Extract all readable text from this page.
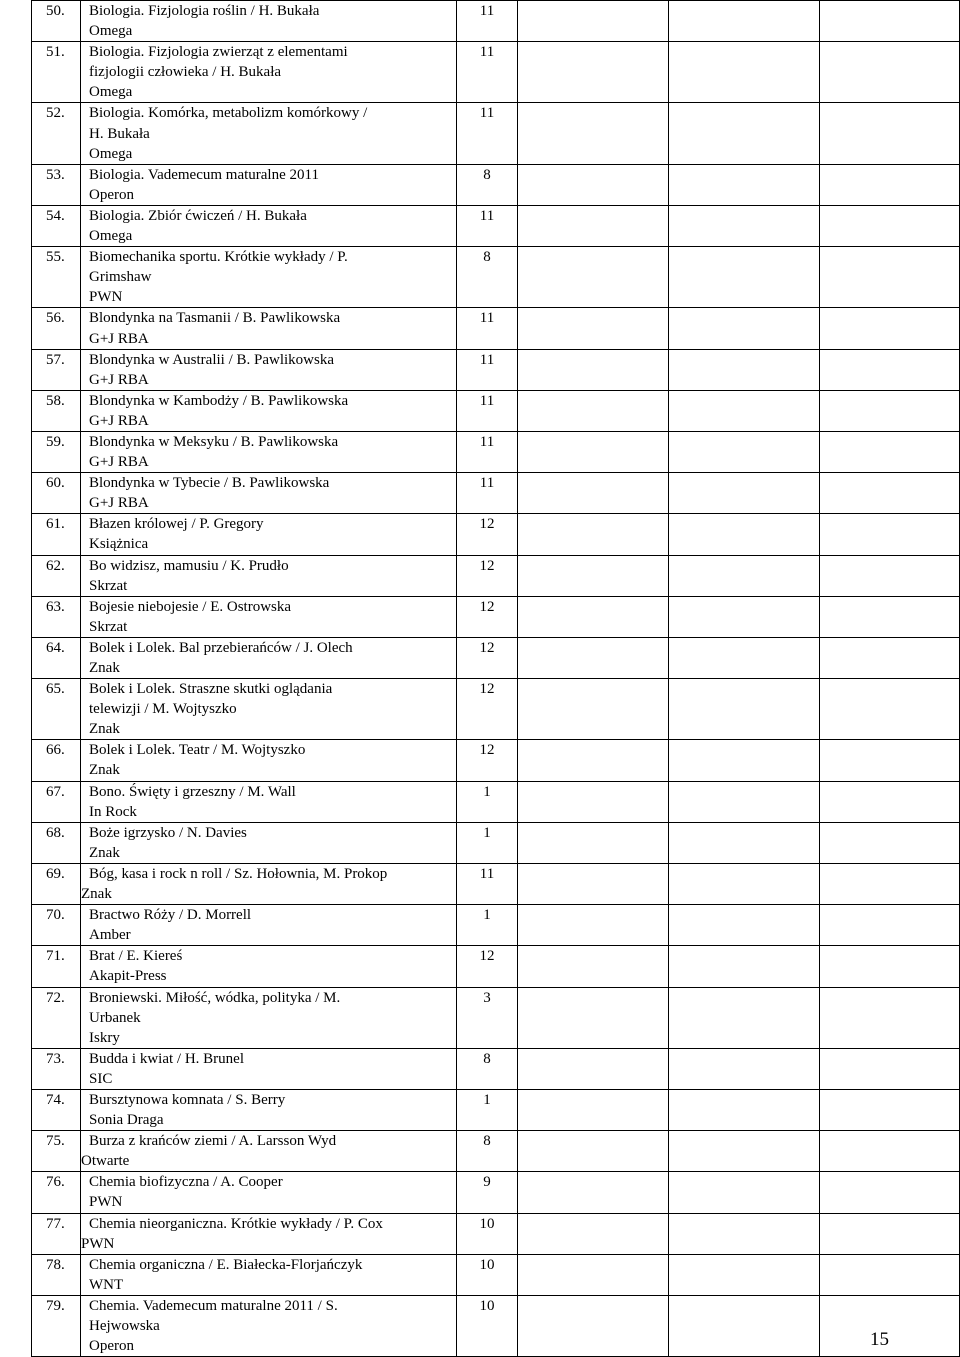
50.	Biologia. Fizjologia roślin / H. Bukała
Omega	11			
51.	Biologia. Fizjologia zwierząt z elementami
fizjologii człowieka / H. Bukała
Omega	11			
52.	Biologia. Komórka, metabolizm komórkowy /
H. Bukała
Omega	11			
53.	Biologia. Vademecum maturalne 2011
Operon	8			
54.	Biologia. Zbiór ćwiczeń / H. Bukała
Omega	11			
55.	Biomechanika sportu. Krótkie wykłady / P.
Grimshaw
PWN	8			
56.	Blondynka na Tasmanii / B. Pawlikowska
G+J RBA	11			
57.	Blondynka w Australii / B. Pawlikowska
G+J RBA	11			
58.	Blondynka w Kambodży / B. Pawlikowska
G+J RBA	11			
59.	Blondynka w Meksyku / B. Pawlikowska
G+J RBA	11			
60.	Blondynka w Tybecie / B. Pawlikowska
G+J RBA	11			
61.	Błazen królowej / P. Gregory
Książnica	12			
62.	Bo widzisz, mamusiu / K. Prudło
Skrzat	12			
63.	Bojesie niebojesie / E. Ostrowska
Skrzat	12			
64.	Bolek i Lolek. Bal przebierańców / J. Olech
Znak	12			
65.	Bolek i Lolek. Straszne skutki oglądania
telewizji / M. Wojtyszko
Znak	12			
66.	Bolek i Lolek. Teatr / M. Wojtyszko
Znak	12			
67.	Bono. Święty i grzeszny / M. Wall
In Rock	1			
68.	Boże igrzysko / N. Davies
Znak	1			
69.	Bóg, kasa i rock n roll / Sz. Hołownia, M. Prokop
Znak	11			
70.	Bractwo Róży / D. Morrell
Amber	1			
71.	Brat / E. Kiereś
Akapit-Press	12			
72.	Broniewski. Miłość, wódka, polityka / M.
Urbanek
Iskry	3			
73.	Budda i kwiat / H. Brunel
SIC	8			
74.	Bursztynowa komnata / S. Berry
Sonia Draga	1			
75.	Burza z krańców ziemi / A. Larsson Wyd
Otwarte	8			
76.	Chemia biofizyczna / A. Cooper
PWN	9			
77.	Chemia nieorganiczna. Krótkie wykłady / P. Cox
PWN	10			
78.	Chemia organiczna / E. Białecka-Florjańczyk
WNT	10			
79.	Chemia. Vademecum maturalne 2011 / S.
Hejwowska
Operon	10			
15
